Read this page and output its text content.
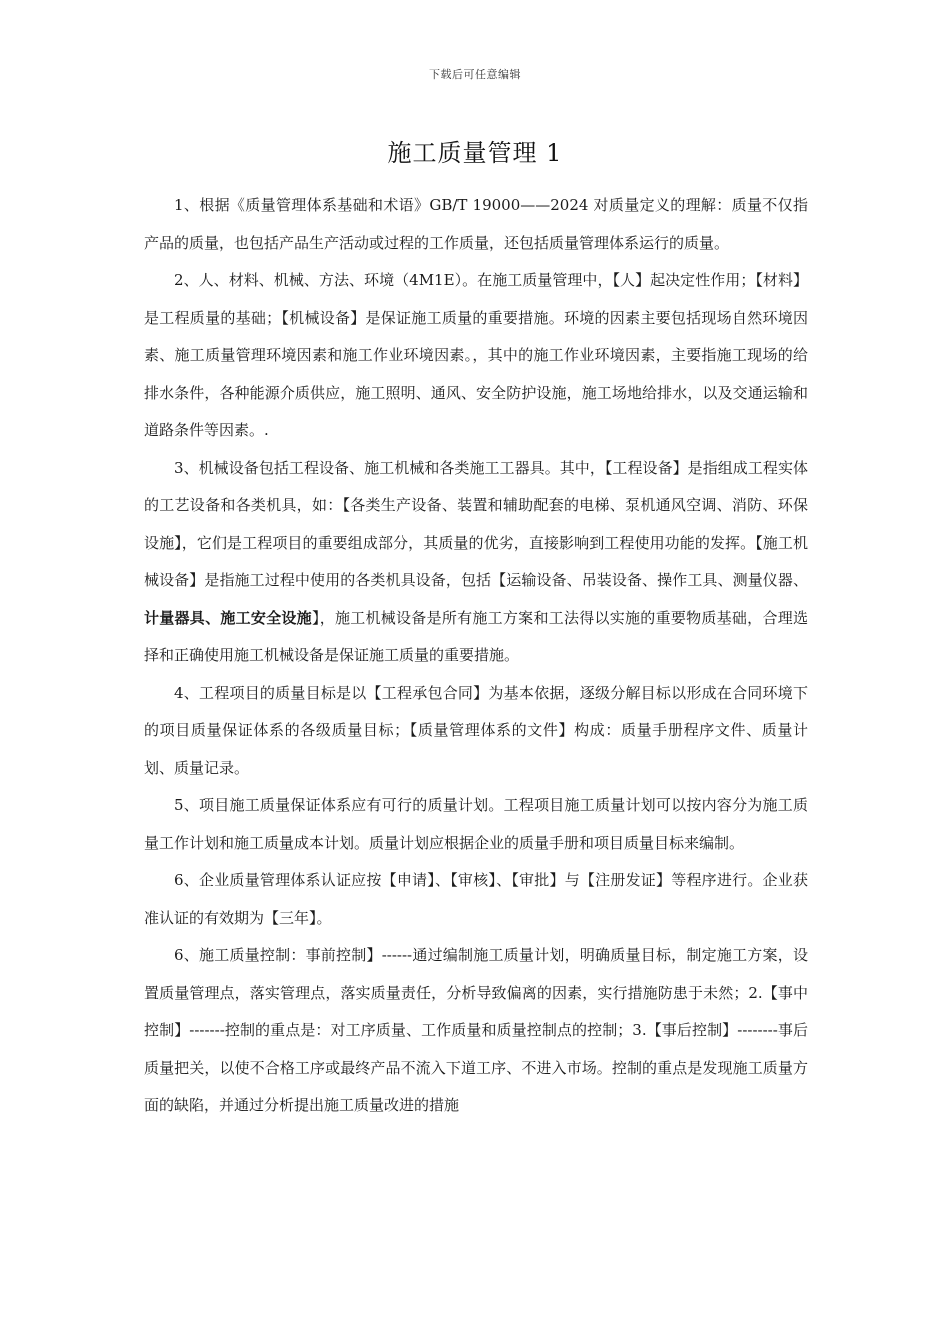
下载后可任意编辑
施工质量管理 1

1、根据《质量管理体系基础和术语》GB/T 19000——2024 对质量定义的理解：质量不仅指产品的质量，也包括产品生产活动或过程的工作质量，还包括质量管理体系运行的质量。

2、人、材料、机械、方法、环境（4M1E）。在施工质量管理中，【人】起决定性作用；【材料】是工程质量的基础；【机械设备】是保证施工质量的重要措施。环境的因素主要包括现场自然环境因素、施工质量管理环境因素和施工作业环境因素。，其中的施工作业环境因素，主要指施工现场的给排水条件，各种能源介质供应，施工照明、通风、安全防护设施，施工场地给排水，以及交通运输和道路条件等因素。.

3、机械设备包括工程设备、施工机械和各类施工工器具。其中，【工程设备】是指组成工程实体的工艺设备和各类机具，如：【各类生产设备、装置和辅助配套的电梯、泵机通风空调、消防、环保设施】，它们是工程项目的重要组成部分，其质量的优劣，直接影响到工程使用功能的发挥。【施工机械设备】是指施工过程中使用的各类机具设备，包括【运输设备、吊装设备、操作工具、测量仪器、计量器具、施工安全设施】，施工机械设备是所有施工方案和工法得以实施的重要物质基础，合理选择和正确使用施工机械设备是保证施工质量的重要措施。

4、工程项目的质量目标是以【工程承包合同】为基本依据，逐级分解目标以形成在合同环境下的项目质量保证体系的各级质量目标；【质量管理体系的文件】构成：质量手册程序文件、质量计划、质量记录。

5、项目施工质量保证体系应有可行的质量计划。工程项目施工质量计划可以按内容分为施工质量工作计划和施工质量成本计划。质量计划应根据企业的质量手册和项目质量目标来编制。

6、企业质量管理体系认证应按【申请】、【审核】、【审批】与【注册发证】等程序进行。企业获准认证的有效期为【三年】。

6、施工质量控制：事前控制】------通过编制施工质量计划，明确质量目标，制定施工方案，设置质量管理点，落实管理点，落实质量责任，分析导致偏离的因素，实行措施防患于未然；2.【事中控制】-------控制的重点是：对工序质量、工作质量和质量控制点的控制；3.【事后控制】--------事后质量把关，以使不合格工序或最终产品不流入下道工序、不进入市场。控制的重点是发现施工质量方面的缺陷，并通过分析提出施工质量改进的措施
